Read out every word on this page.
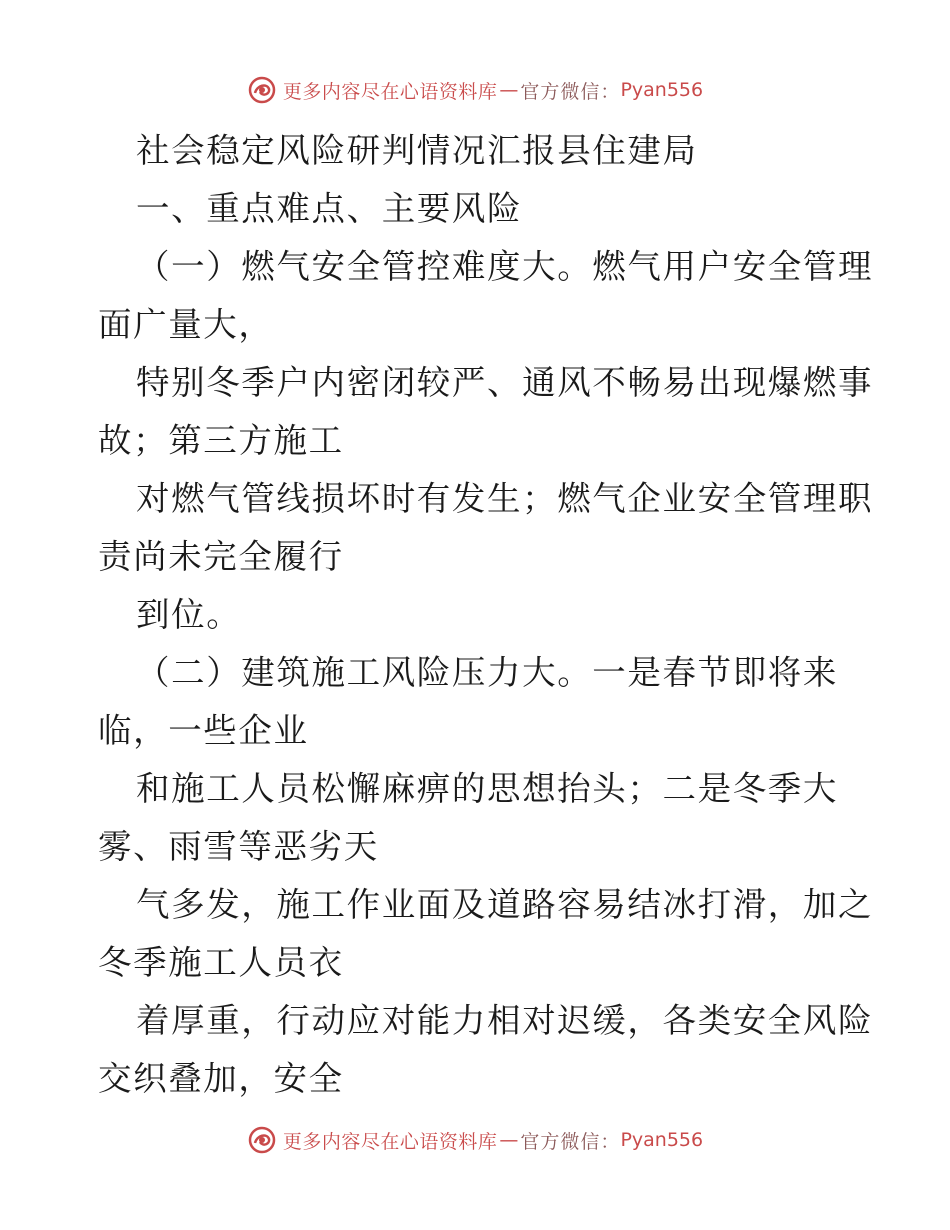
更多内容尽在心语资料库 — 官方微信： Pyan556
社会稳定风险研判情况汇报县住建局
一、重点难点、主要风险
（一）燃气安全管控难度大。燃气用户安全管理
面广量大，
特别冬季户内密闭较严、通风不畅易出现爆燃事
故；第三方施工
对燃气管线损坏时有发生；燃气企业安全管理职
责尚未完全履行
到位。
（二）建筑施工风险压力大。一是春节即将来
临，一些企业
和施工人员松懈麻痹的思想抬头；二是冬季大
雾、雨雪等恶劣天
气多发，施工作业面及道路容易结冰打滑，加之
冬季施工人员衣
着厚重，行动应对能力相对迟缓，各类安全风险
交织叠加，安全
更多内容尽在心语资料库 — 官方微信： Pyan556
